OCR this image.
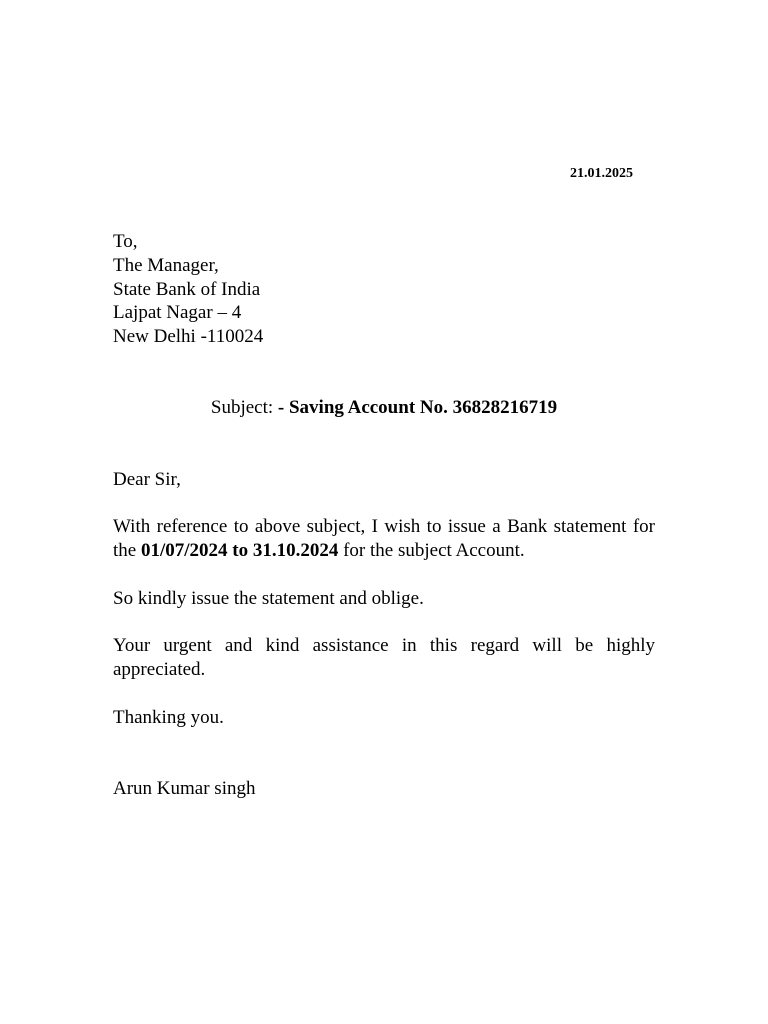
21.01.2025
To,
The Manager,
State Bank of India
Lajpat Nagar – 4
New Delhi -110024
Subject: - Saving Account No. 36828216719
Dear Sir,
With reference to above subject, I wish to issue a Bank statement for the 01/07/2024 to 31.10.2024 for the subject Account.
So kindly issue the statement and oblige.
Your urgent and kind assistance in this regard will be highly appreciated.
Thanking you.
Arun Kumar singh
